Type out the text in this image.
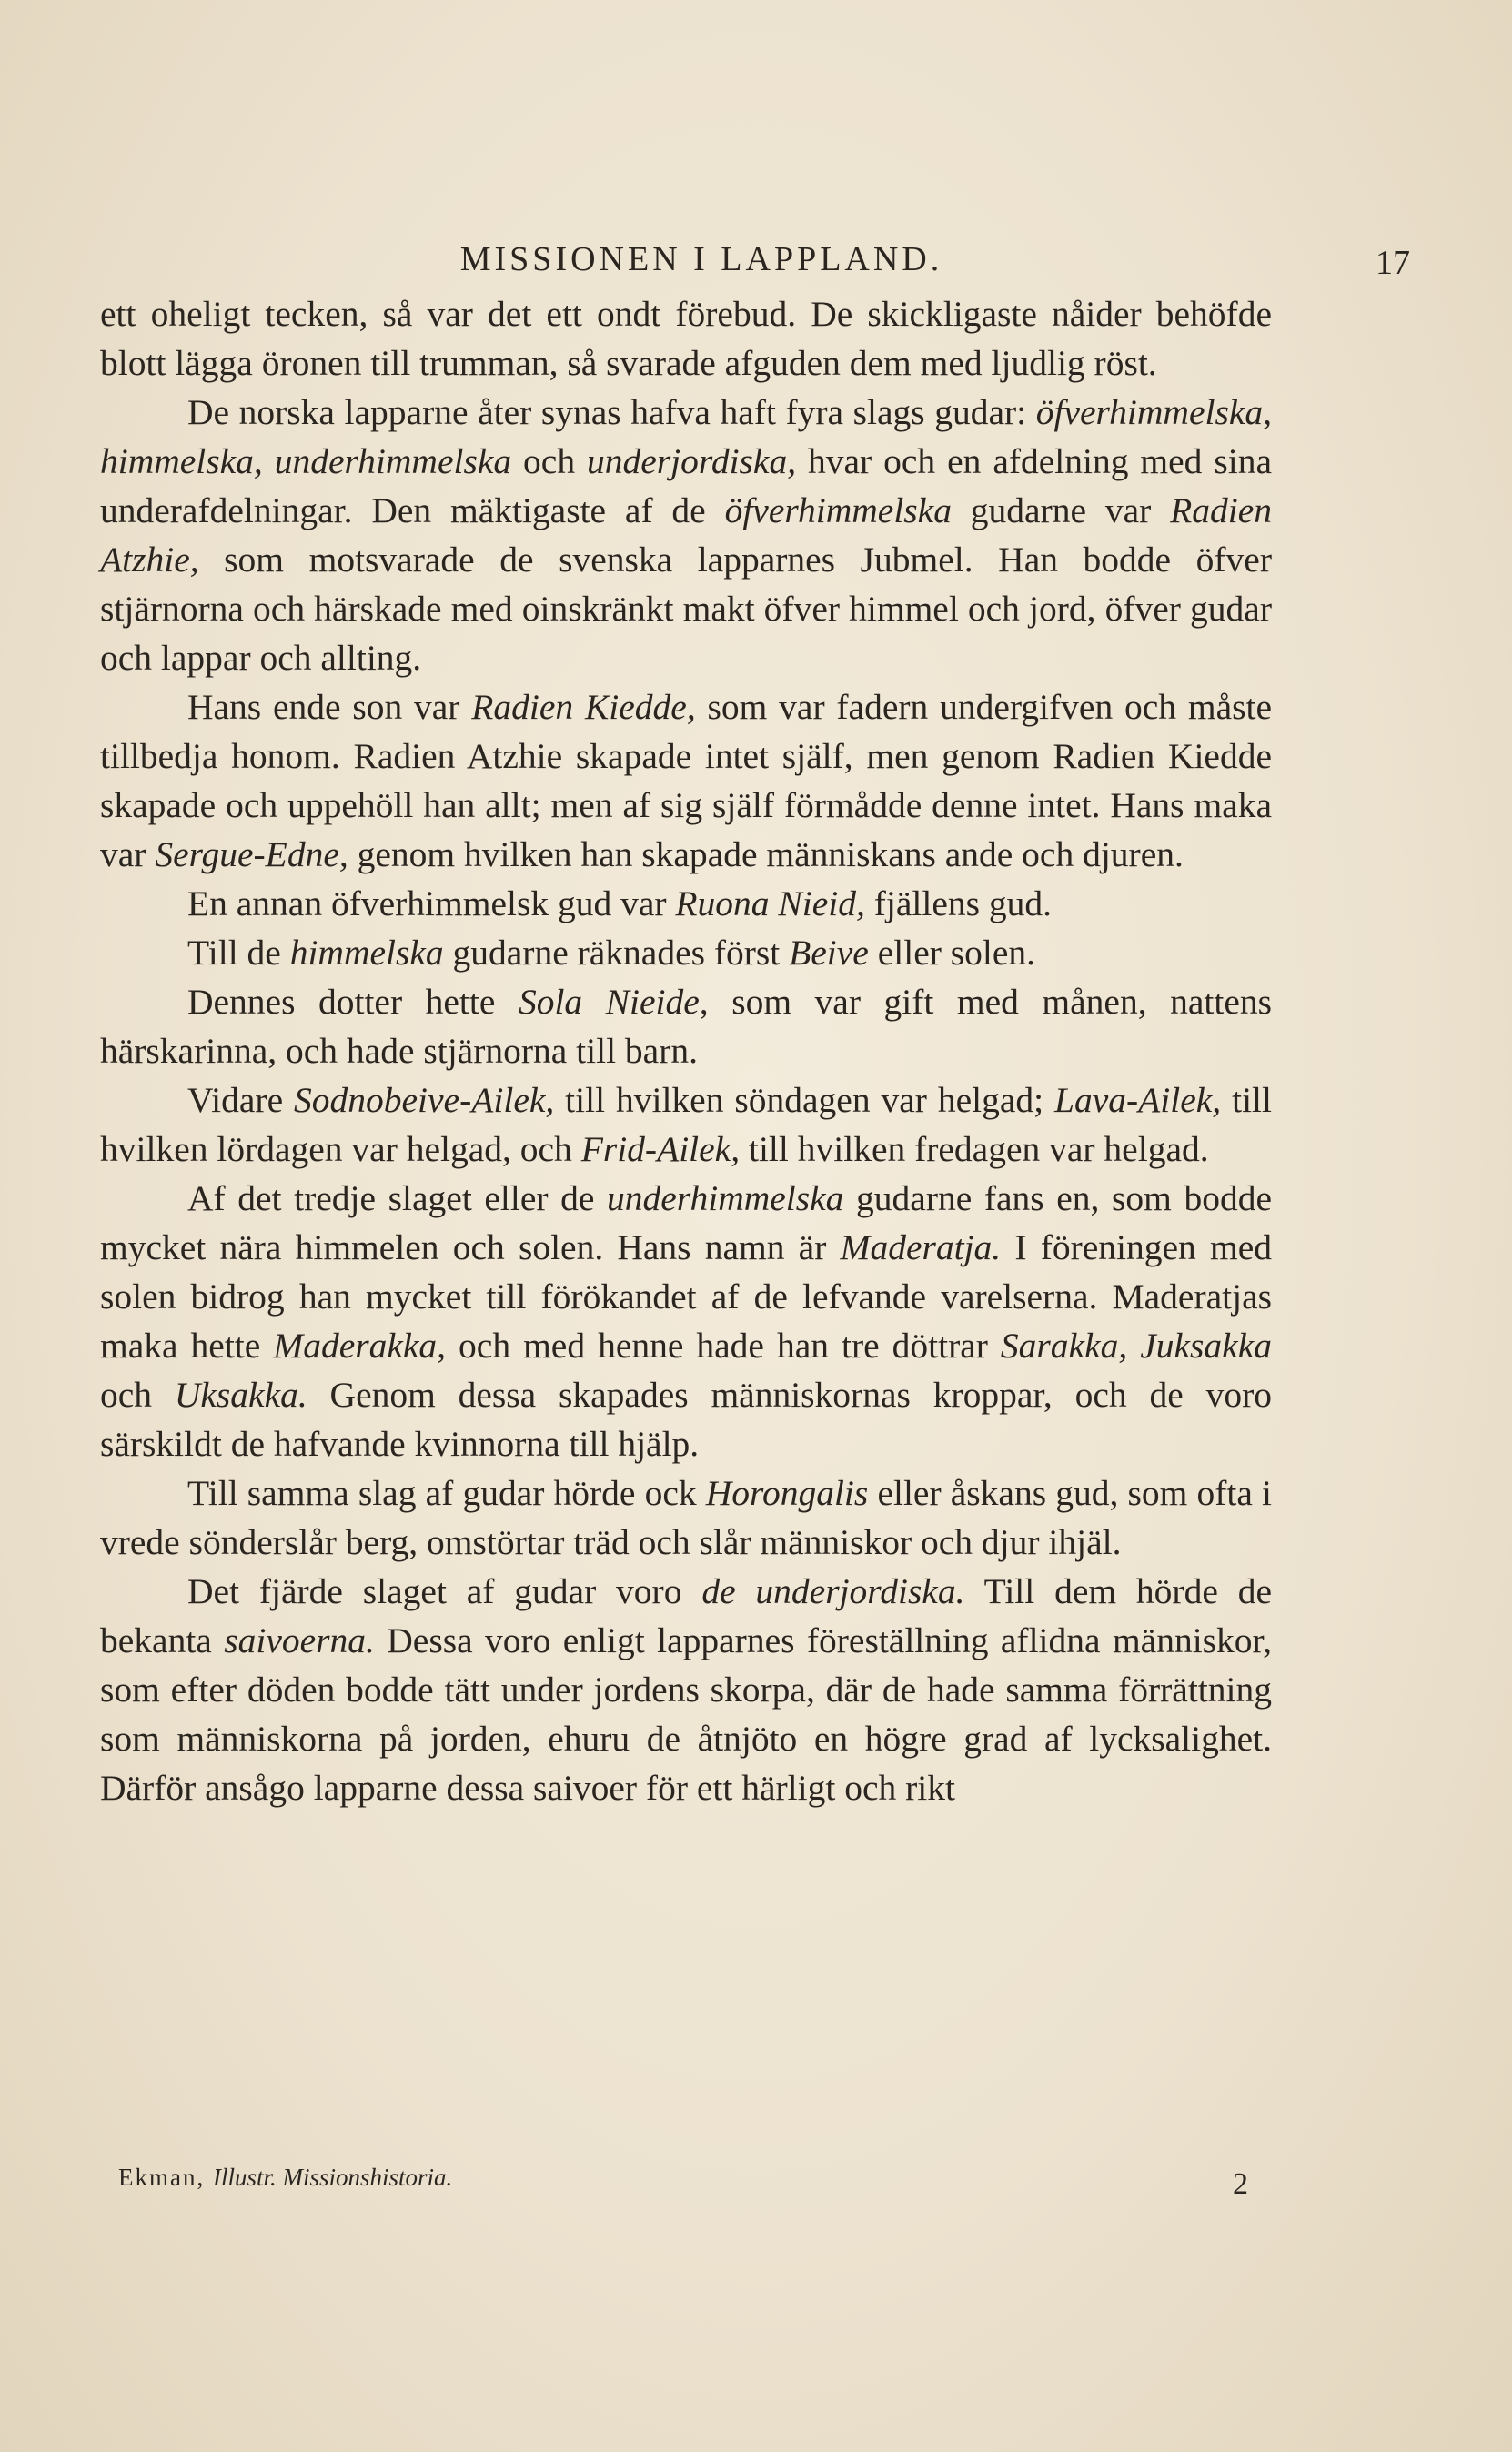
MISSIONEN I LAPPLAND.	17

ett oheligt tecken, så var det ett ondt förebud. De skickligaste nåider behöfde blott lägga öronen till trumman, så svarade afguden dem med ljudlig röst.

De norska lapparne åter synas hafva haft fyra slags gudar: öfverhimmelska, himmelska, underhimmelska och underjordiska, hvar och en afdelning med sina underafdelningar. Den mäktigaste af de öfverhimmelska gudarne var Radien Atzhie, som motsvarade de svenska lapparnes Jubmel. Han bodde öfver stjärnorna och härskade med oinskränkt makt öfver himmel och jord, öfver gudar och lappar och allting.

Hans ende son var Radien Kiedde, som var fadern undergifven och måste tillbedja honom. Radien Atzhie skapade intet själf, men genom Radien Kiedde skapade och uppehöll han allt; men af sig själf förmådde denne intet. Hans maka var Sergue-Edne, genom hvilken han skapade människans ande och djuren.

En annan öfverhimmelsk gud var Ruona Nieid, fjällens gud.

Till de himmelska gudarne räknades först Beive eller solen.

Dennes dotter hette Sola Nieide, som var gift med månen, nattens härskarinna, och hade stjärnorna till barn.

Vidare Sodnobeive-Ailek, till hvilken söndagen var helgad; Lava-Ailek, till hvilken lördagen var helgad, och Frid-Ailek, till hvilken fredagen var helgad.

Af det tredje slaget eller de underhimmelska gudarne fans en, som bodde mycket nära himmelen och solen. Hans namn är Maderatja. I föreningen med solen bidrog han mycket till förökandet af de lefvande varelserna. Maderatjas maka hette Maderakka, och med henne hade han tre döttrar Sarakka, Juksakka och Uksakka. Genom dessa skapades människornas kroppar, och de voro särskildt de hafvande kvinnorna till hjälp.

Till samma slag af gudar hörde ock Horongalis eller åskans gud, som ofta i vrede sönderslår berg, omstörtar träd och slår människor och djur ihjäl.

Det fjärde slaget af gudar voro de underjordiska. Till dem hörde de bekanta saivoerna. Dessa voro enligt lapparnes föreställning aflidna människor, som efter döden bodde tätt under jordens skorpa, där de hade samma förrättning som människorna på jorden, ehuru de åtnjöto en högre grad af lycksalighet. Därför ansågo lapparne dessa saivoer för ett härligt och rikt

Ekman, Illustr. Missionshistoria.	2
